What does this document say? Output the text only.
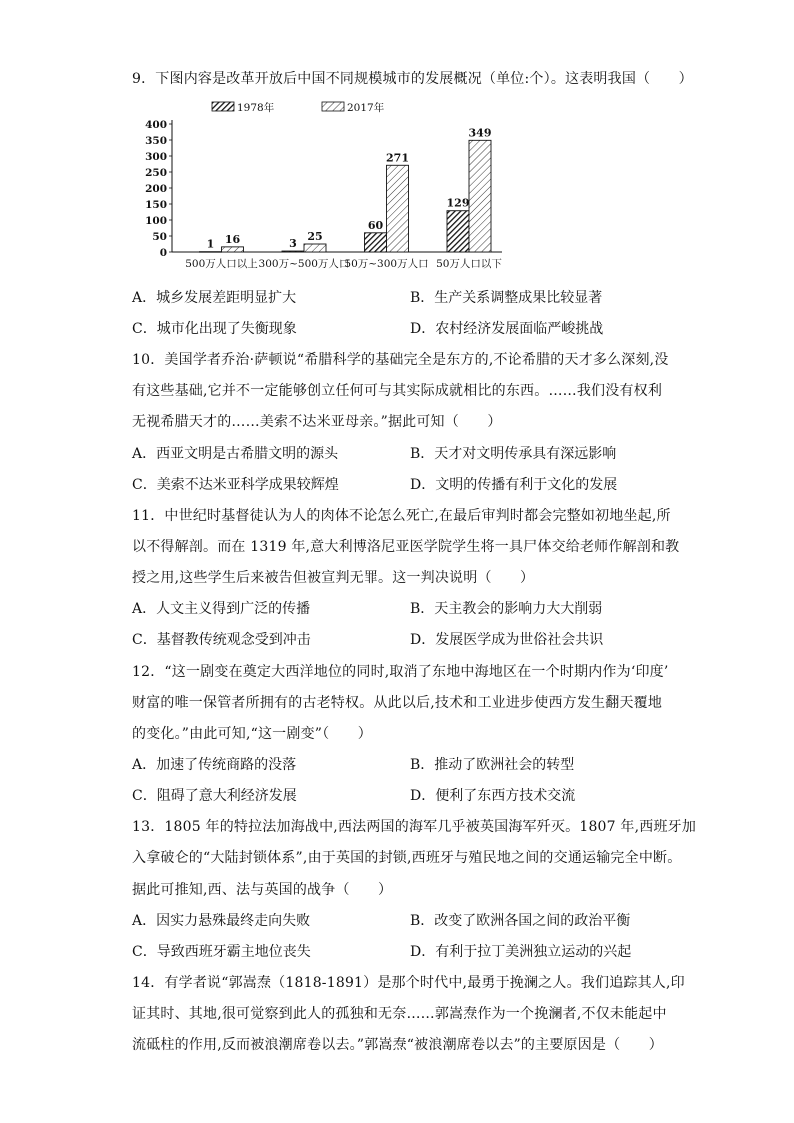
9．下图内容是改革开放后中国不同规模城市的发展概况（单位:个）。这表明我国（　　）
1978年	2017年
0
50
100
150
200
250
300
350
400
1 16
500万人口以上
3
25
300万~500万人口
60
271
50万~300万人口
129
349
50万人口以下
A．城乡发展差距明显扩大	B．生产关系调整成果比较显著
C．城市化出现了失衡现象	D．农村经济发展面临严峻挑战
10．美国学者乔治·萨顿说“希腊科学的基础完全是东方的,不论希腊的天才多么深刻,没
有这些基础,它并不一定能够创立任何可与其实际成就相比的东西。……我们没有权利
无视希腊天才的……美索不达米亚母亲。”据此可知（　　）
A．西亚文明是古希腊文明的源头	B．天才对文明传承具有深远影响
C．美索不达米亚科学成果较辉煌	D．文明的传播有利于文化的发展
11．中世纪时基督徒认为人的肉体不论怎么死亡,在最后审判时都会完整如初地坐起,所
以不得解剖。而在 1319 年,意大利博洛尼亚医学院学生将一具尸体交给老师作解剖和教
授之用,这些学生后来被告但被宣判无罪。这一判决说明（　　）
A．人文主义得到广泛的传播	B．天主教会的影响力大大削弱
C．基督教传统观念受到冲击	D．发展医学成为世俗社会共识
12．“这一剧变在奠定大西洋地位的同时,取消了东地中海地区在一个时期内作为‘印度’
财富的唯一保管者所拥有的古老特权。从此以后,技术和工业进步使西方发生翻天覆地
的变化。”由此可知,“这一剧变”（　　）
A．加速了传统商路的没落	B．推动了欧洲社会的转型
C．阻碍了意大利经济发展	D．便利了东西方技术交流
13．1805 年的特拉法加海战中,西法两国的海军几乎被英国海军歼灭。1807 年,西班牙加
入拿破仑的“大陆封锁体系”,由于英国的封锁,西班牙与殖民地之间的交通运输完全中断。
据此可推知,西、法与英国的战争（　　）
A．因实力悬殊最终走向失败	B．改变了欧洲各国之间的政治平衡
C．导致西班牙霸主地位丧失	D．有利于拉丁美洲独立运动的兴起
14．有学者说“郭嵩焘（1818-1891）是那个时代中,最勇于挽澜之人。我们追踪其人,印
证其时、其地,很可觉察到此人的孤独和无奈……郭嵩焘作为一个挽澜者,不仅未能起中
流砥柱的作用,反而被浪潮席卷以去。”郭嵩焘“被浪潮席卷以去”的主要原因是（　　）
